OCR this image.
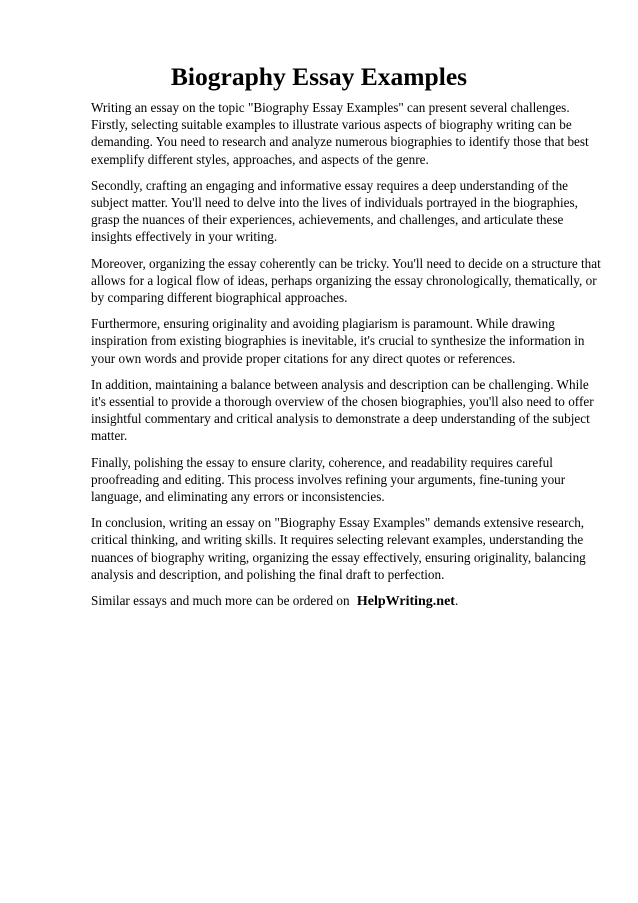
Biography Essay Examples

Writing an essay on the topic "Biography Essay Examples" can present several challenges. Firstly, selecting suitable examples to illustrate various aspects of biography writing can be demanding. You need to research and analyze numerous biographies to identify those that best exemplify different styles, approaches, and aspects of the genre.

Secondly, crafting an engaging and informative essay requires a deep understanding of the subject matter. You'll need to delve into the lives of individuals portrayed in the biographies, grasp the nuances of their experiences, achievements, and challenges, and articulate these insights effectively in your writing.

Moreover, organizing the essay coherently can be tricky. You'll need to decide on a structure that allows for a logical flow of ideas, perhaps organizing the essay chronologically, thematically, or by comparing different biographical approaches.

Furthermore, ensuring originality and avoiding plagiarism is paramount. While drawing inspiration from existing biographies is inevitable, it's crucial to synthesize the information in your own words and provide proper citations for any direct quotes or references.

In addition, maintaining a balance between analysis and description can be challenging. While it's essential to provide a thorough overview of the chosen biographies, you'll also need to offer insightful commentary and critical analysis to demonstrate a deep understanding of the subject matter.

Finally, polishing the essay to ensure clarity, coherence, and readability requires careful proofreading and editing. This process involves refining your arguments, fine-tuning your language, and eliminating any errors or inconsistencies.

In conclusion, writing an essay on "Biography Essay Examples" demands extensive research, critical thinking, and writing skills. It requires selecting relevant examples, understanding the nuances of biography writing, organizing the essay effectively, ensuring originality, balancing analysis and description, and polishing the final draft to perfection.

Similar essays and much more can be ordered on HelpWriting.net.
